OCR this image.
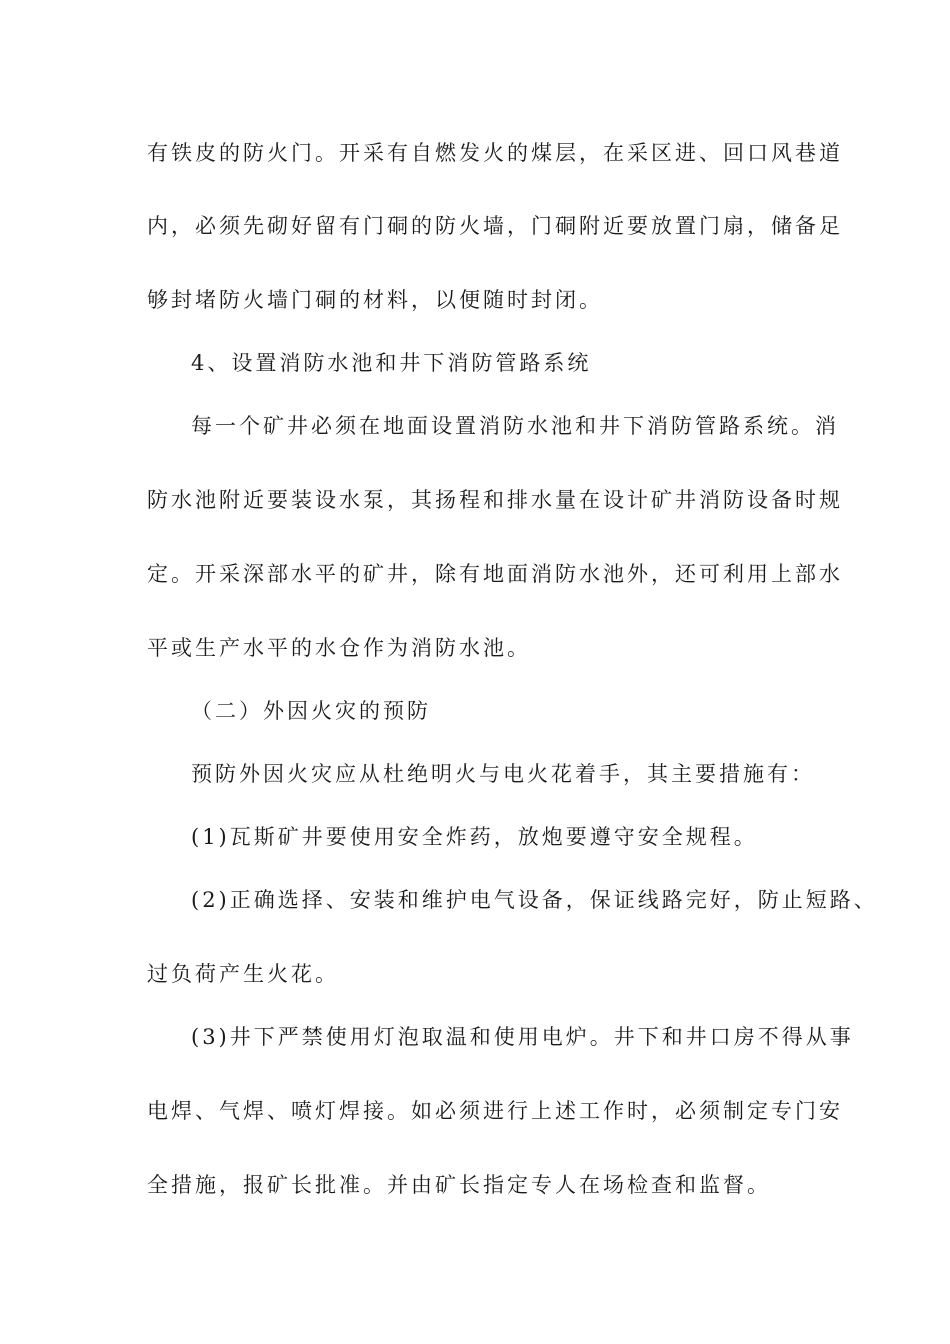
有铁皮的防火门。开采有自燃发火的煤层，在采区进、回口风巷道
内，必须先砌好留有门硐的防火墙，门硐附近要放置门扇，储备足
够封堵防火墙门硐的材料，以便随时封闭。
4、设置消防水池和井下消防管路系统
每一个矿井必须在地面设置消防水池和井下消防管路系统。消
防水池附近要装设水泵，其扬程和排水量在设计矿井消防设备时规
定。开采深部水平的矿井，除有地面消防水池外，还可利用上部水
平或生产水平的水仓作为消防水池。
（二）外因火灾的预防
预防外因火灾应从杜绝明火与电火花着手，其主要措施有：
(1)瓦斯矿井要使用安全炸药，放炮要遵守安全规程。
(2)正确选择、安装和维护电气设备，保证线路完好，防止短路、
过负荷产生火花。
(3)井下严禁使用灯泡取温和使用电炉。井下和井口房不得从事
电焊、气焊、喷灯焊接。如必须进行上述工作时，必须制定专门安
全措施，报矿长批准。并由矿长指定专人在场检查和监督。
